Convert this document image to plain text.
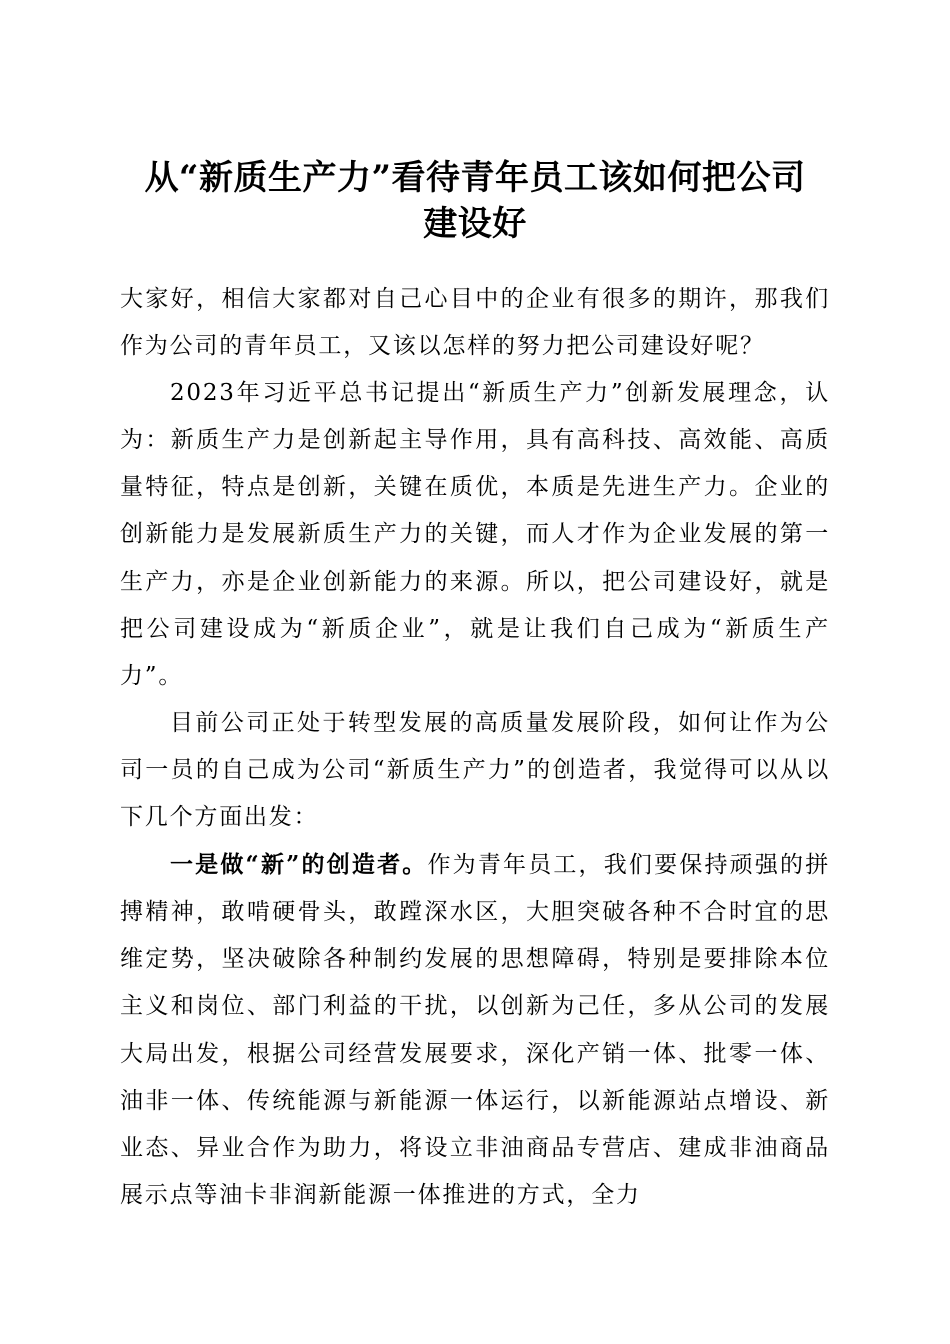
从“新质生产力”看待青年员工该如何把公司
建设好

大家好，相信大家都对自己心目中的企业有很多的期许，那我们作为公司的青年员工，又该以怎样的努力把公司建设好呢？

2023年习近平总书记提出“新质生产力”创新发展理念，认为：新质生产力是创新起主导作用，具有高科技、高效能、高质量特征，特点是创新，关键在质优，本质是先进生产力。企业的创新能力是发展新质生产力的关键，而人才作为企业发展的第一生产力，亦是企业创新能力的来源。所以，把公司建设好，就是把公司建设成为“新质企业”，就是让我们自己成为“新质生产力”。

目前公司正处于转型发展的高质量发展阶段，如何让作为公司一员的自己成为公司“新质生产力”的创造者，我觉得可以从以下几个方面出发：

一是做“新”的创造者。作为青年员工，我们要保持顽强的拼搏精神，敢啃硬骨头，敢蹚深水区，大胆突破各种不合时宜的思维定势，坚决破除各种制约发展的思想障碍，特别是要排除本位主义和岗位、部门利益的干扰，以创新为己任，多从公司的发展大局出发，根据公司经营发展要求，深化产销一体、批零一体、油非一体、传统能源与新能源一体运行，以新能源站点增设、新业态、异业合作为助力，将设立非油商品专营店、建成非油商品展示点等油卡非润新能源一体推进的方式，全力
